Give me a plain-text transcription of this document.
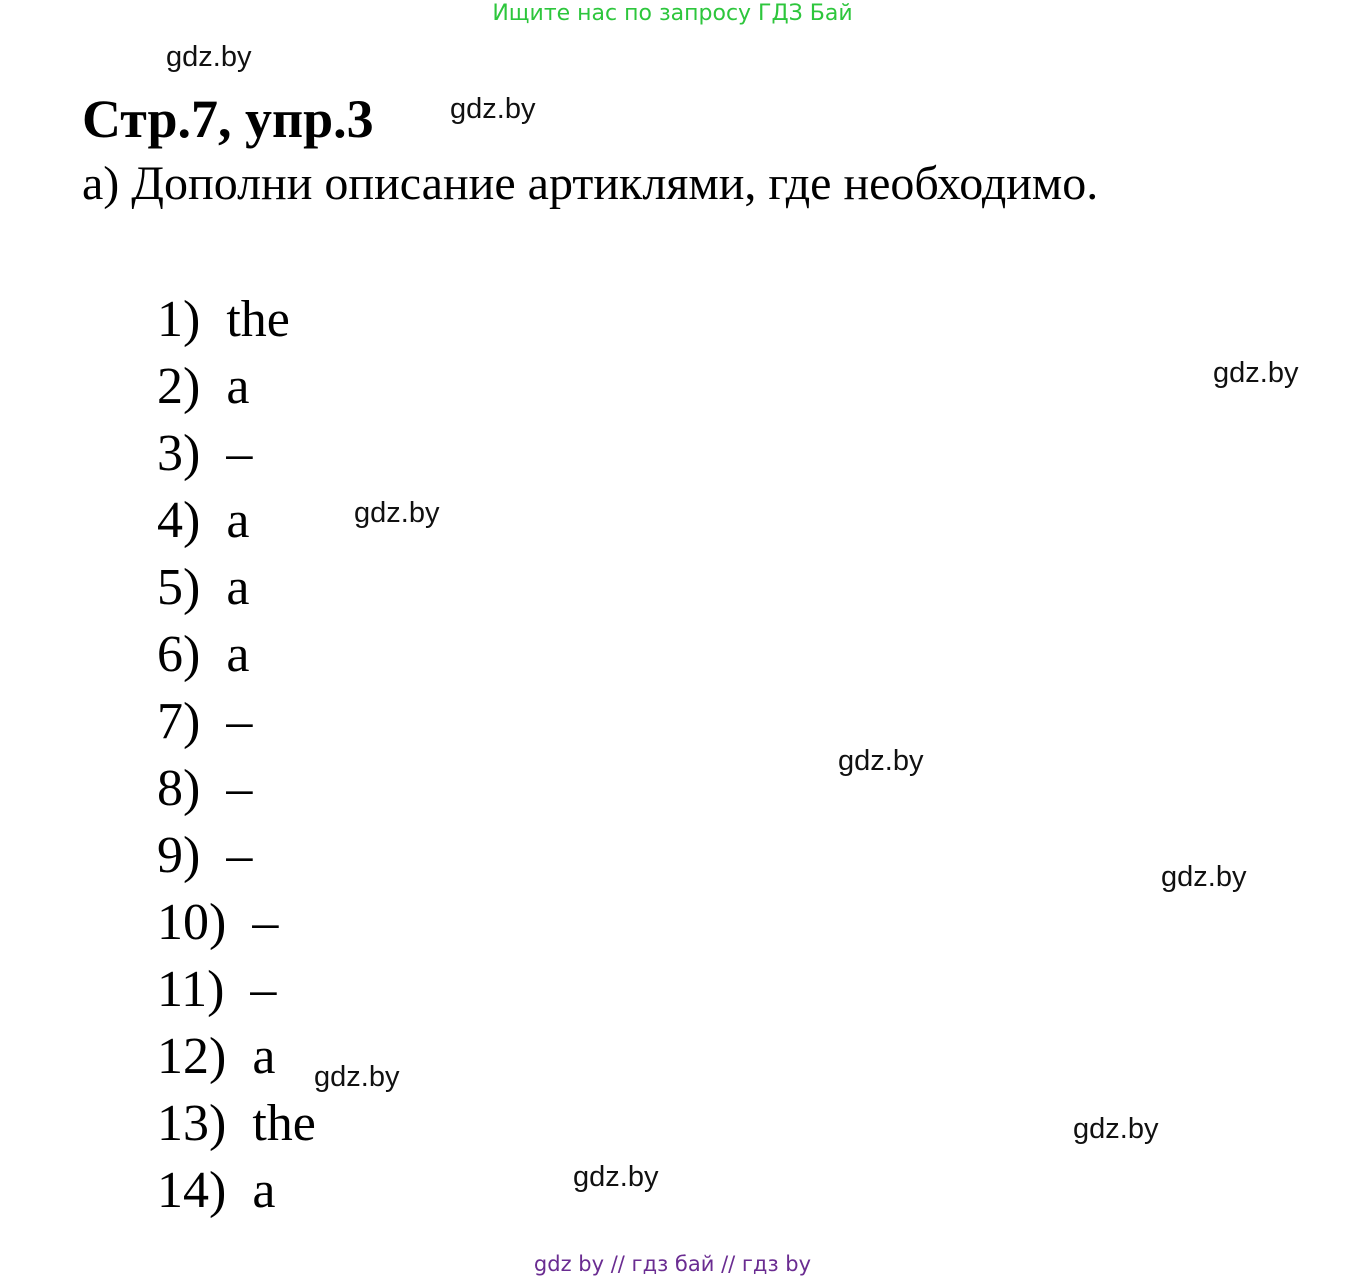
Ищите нас по запросу ГДЗ Бай
Стр.7, упр.3
а) Дополни описание артиклями, где необходимо.
1) the
2) a
3) –
4) a
5) a
6) a
7) –
8) –
9) –
10) –
11) –
12) a
13) the
14) a
gdz.by
gdz.by
gdz.by
gdz.by
gdz.by
gdz.by
gdz.by
gdz.by
gdz.by
gdz by // гдз бай // гдз by
